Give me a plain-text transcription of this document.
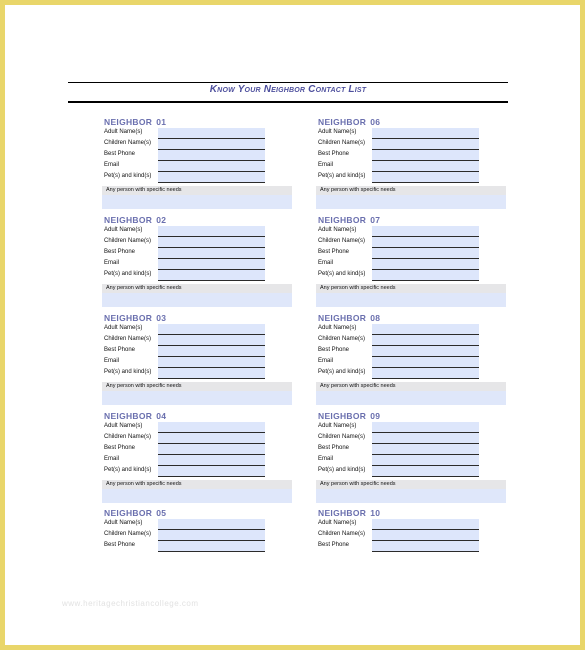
Know Your Neighbor Contact List
NEIGHBOR 01
Adult Name(s)
Children Name(s)
Best Phone
Email
Pet(s) and kind(s)
Any person with specific needs
NEIGHBOR 02
Adult Name(s)
Children Name(s)
Best Phone
Email
Pet(s) and kind(s)
Any person with specific needs
NEIGHBOR 03
Adult Name(s)
Children Name(s)
Best Phone
Email
Pet(s) and kind(s)
Any person with specific needs
NEIGHBOR 04
Adult Name(s)
Children Name(s)
Best Phone
Email
Pet(s) and kind(s)
Any person with specific needs
NEIGHBOR 05
Adult Name(s)
Children Name(s)
Best Phone
NEIGHBOR 06
Adult Name(s)
Children Name(s)
Best Phone
Email
Pet(s) and kind(s)
Any person with specific needs
NEIGHBOR 07
Adult Name(s)
Children Name(s)
Best Phone
Email
Pet(s) and kind(s)
Any person with specific needs
NEIGHBOR 08
Adult Name(s)
Children Name(s)
Best Phone
Email
Pet(s) and kind(s)
Any person with specific needs
NEIGHBOR 09
Adult Name(s)
Children Name(s)
Best Phone
Email
Pet(s) and kind(s)
Any person with specific needs
NEIGHBOR 10
Adult Name(s)
Children Name(s)
Best Phone
www.heritagechristiancollege.com
